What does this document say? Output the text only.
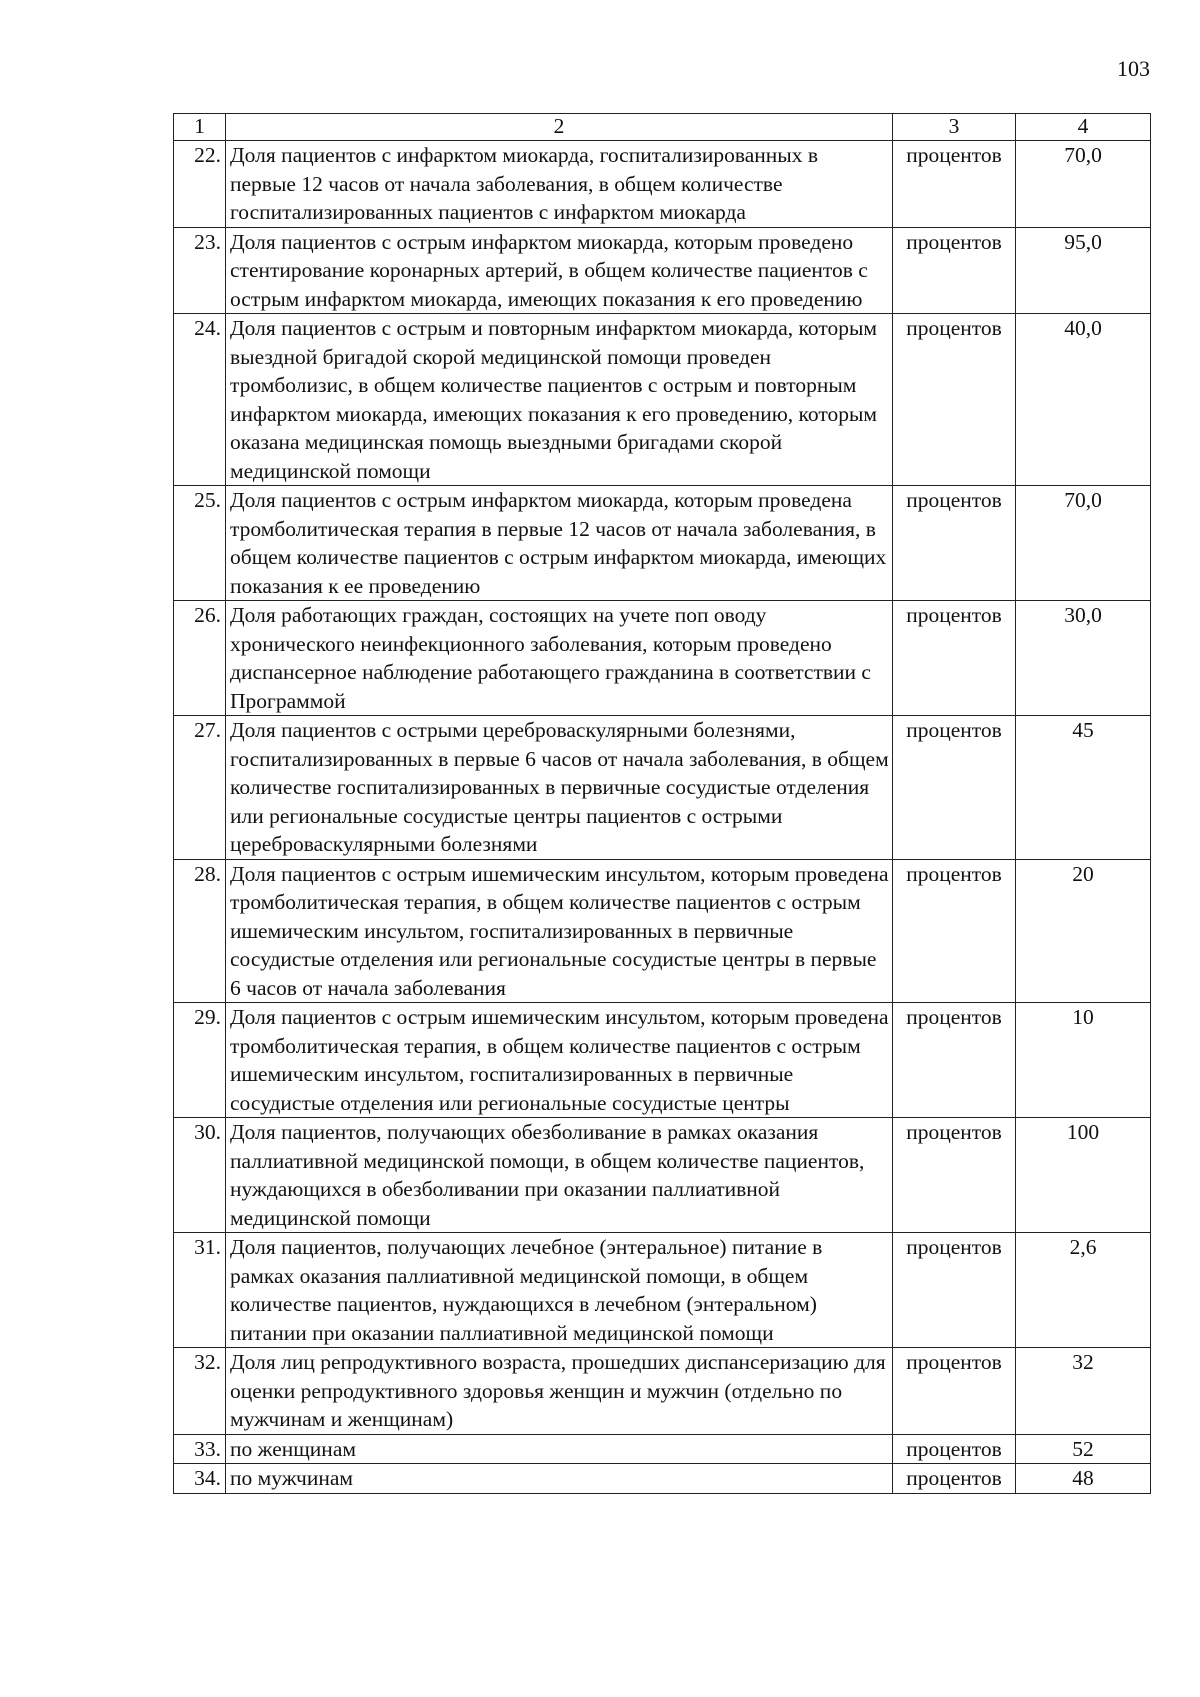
103
1	2	3	4
22.	Доля пациентов с инфарктом миокарда, госпитализированных в первые 12 часов от начала заболевания, в общем количестве госпитализированных пациентов с инфарктом миокарда	процентов	70,0
23.	Доля пациентов с острым инфарктом миокарда, которым проведено стентирование коронарных артерий, в общем количестве пациентов с острым инфарктом миокарда, имеющих показания к его проведению	процентов	95,0
24.	Доля пациентов с острым и повторным инфарктом миокарда, которым выездной бригадой скорой медицинской помощи проведен тромболизис, в общем количестве пациентов с острым и повторным инфарктом миокарда, имеющих показания к его проведению, которым оказана медицинская помощь выездными бригадами скорой медицинской помощи	процентов	40,0
25.	Доля пациентов с острым инфарктом миокарда, которым проведена тромболитическая терапия в первые 12 часов от начала заболевания, в общем количестве пациентов с острым инфарктом миокарда, имеющих показания к ее проведению	процентов	70,0
26.	Доля работающих граждан, состоящих на учете поп оводу хронического неинфекционного заболевания, которым проведено диспансерное наблюдение работающего гражданина в соответствии с Программой	процентов	30,0
27.	Доля пациентов с острыми цереброваскулярными болезнями, госпитализированных в первые 6 часов от начала заболевания, в общем количестве госпитализированных в первичные сосудистые отделения или региональные сосудистые центры пациентов с острыми цереброваскулярными болезнями	процентов	45
28.	Доля пациентов с острым ишемическим инсультом, которым проведена тромболитическая терапия, в общем количестве пациентов с острым ишемическим инсультом, госпитализированных в первичные сосудистые отделения или региональные сосудистые центры в первые 6 часов от начала заболевания	процентов	20
29.	Доля пациентов с острым ишемическим инсультом, которым проведена тромболитическая терапия, в общем количестве пациентов с острым ишемическим инсультом, госпитализированных в первичные сосудистые отделения или региональные сосудистые центры	процентов	10
30.	Доля пациентов, получающих обезболивание в рамках оказания паллиативной медицинской помощи, в общем количестве пациентов, нуждающихся в обезболивании при оказании паллиативной медицинской помощи	процентов	100
31.	Доля пациентов, получающих лечебное (энтеральное) питание в рамках оказания паллиативной медицинской помощи, в общем количестве пациентов, нуждающихся в лечебном (энтеральном) питании при оказании паллиативной медицинской помощи	процентов	2,6
32.	Доля лиц репродуктивного возраста, прошедших диспансеризацию для оценки репродуктивного здоровья женщин и мужчин (отдельно по мужчинам и женщинам)	процентов	32
33.	по женщинам	процентов	52
34.	по мужчинам	процентов	48
